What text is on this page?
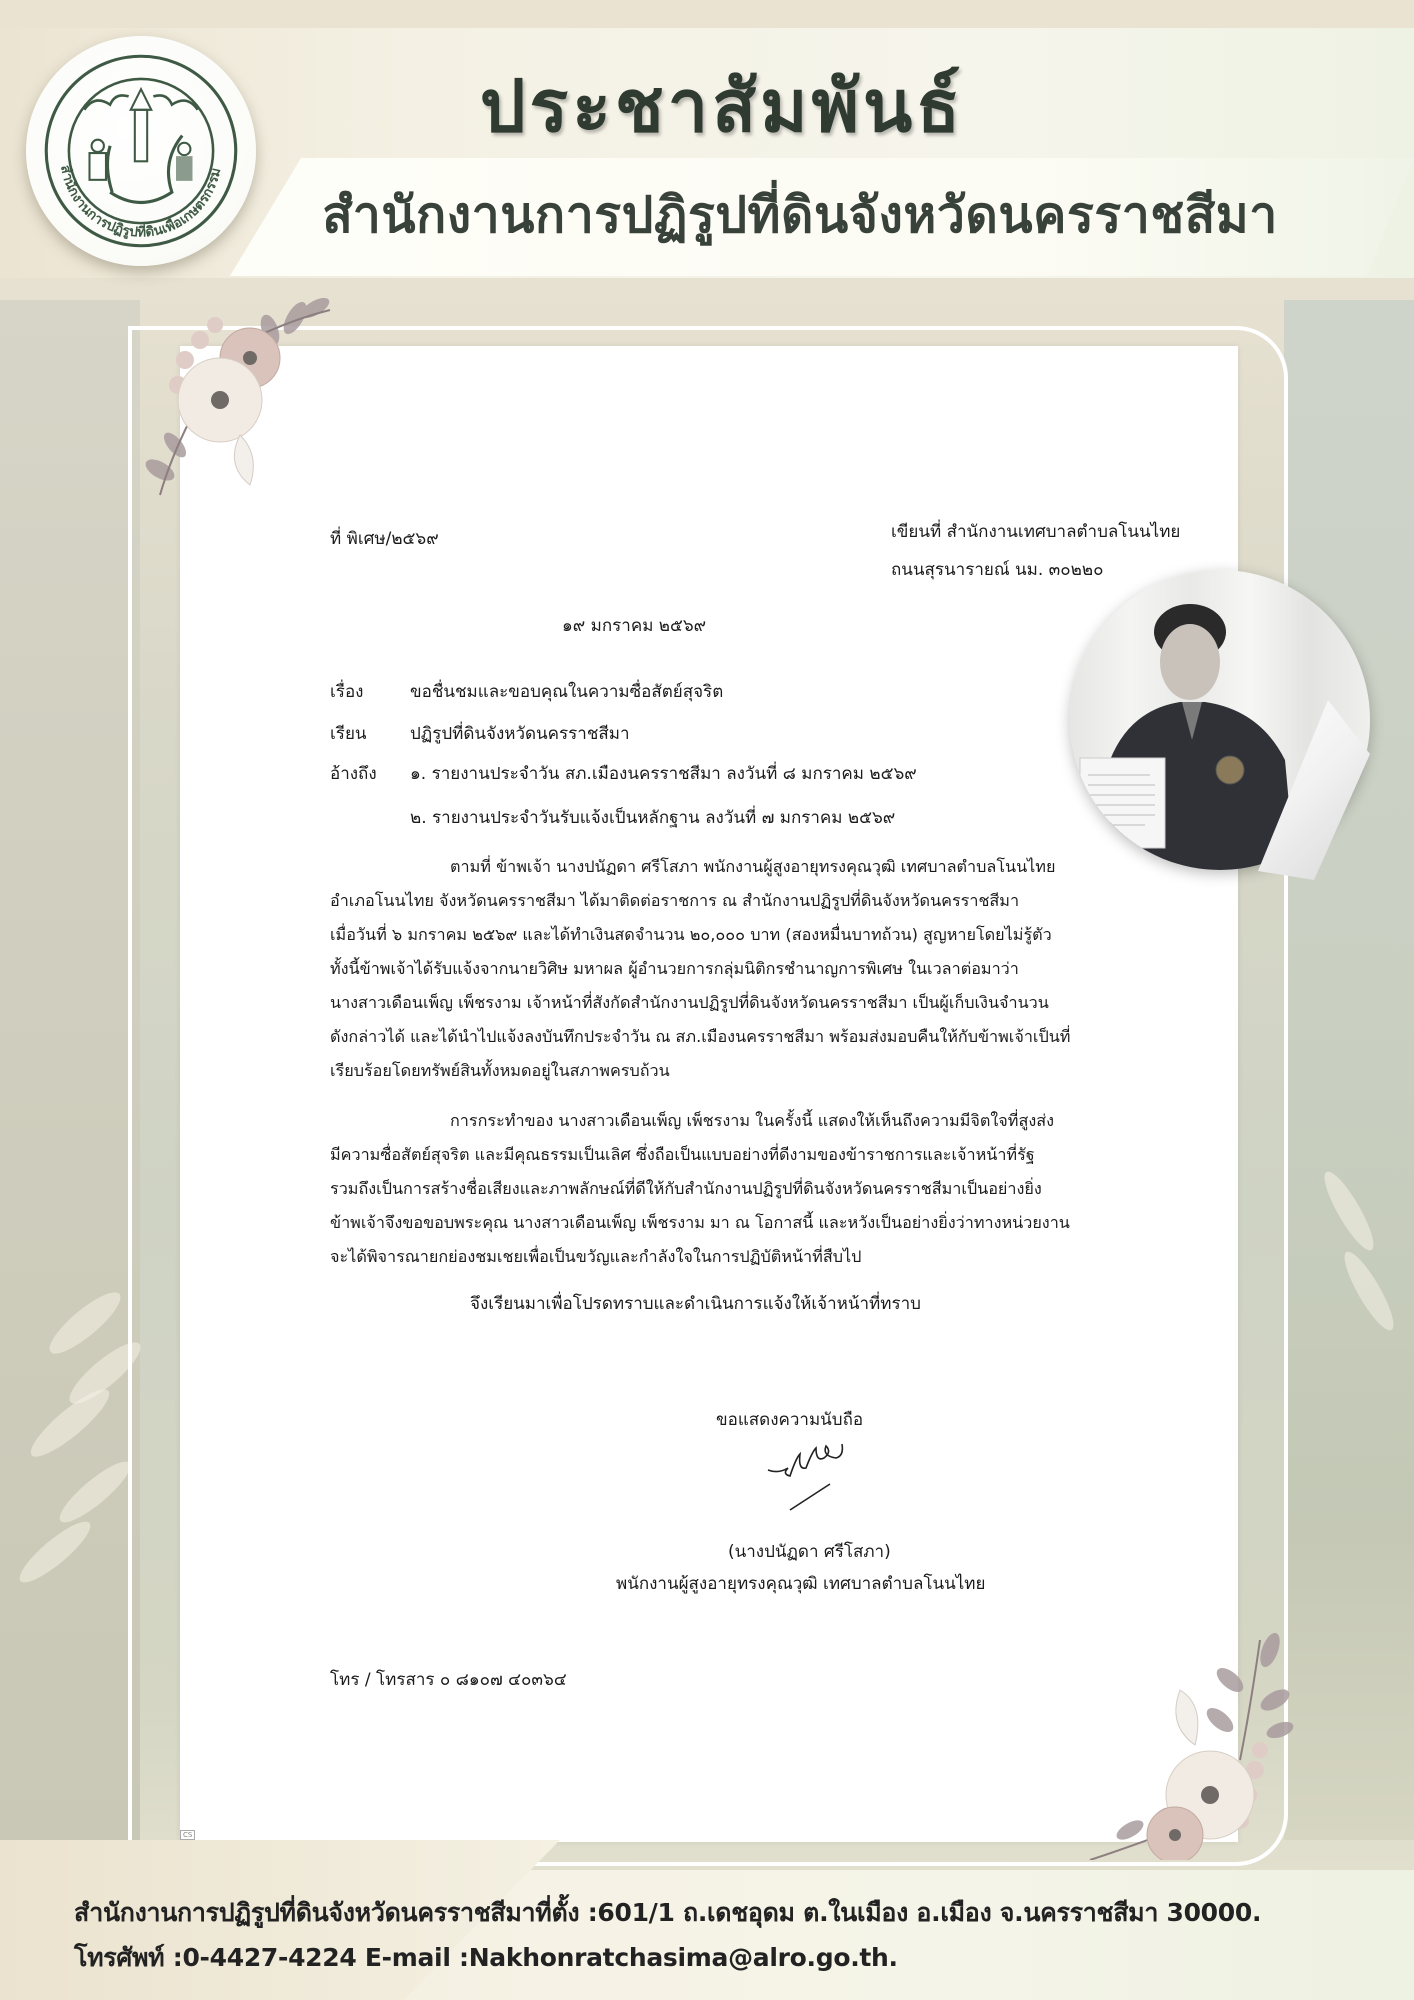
สำนักงานการปฏิรูปที่ดินเพื่อเกษตรกรรม
ประชาสัมพันธ์
สำนักงานการปฏิรูปที่ดินจังหวัดนครราชสีมา
ที่ พิเศษ/๒๕๖๙	เขียนที่ สำนักงานเทศบาลตำบลโนนไทย
ถนนสุรนารายณ์ นม. ๓๐๒๒๐
๑๙ มกราคม ๒๕๖๙
เรื่อง	ขอชื่นชมและขอบคุณในความซื่อสัตย์สุจริต
เรียน	ปฏิรูปที่ดินจังหวัดนครราชสีมา
อ้างถึง ๑. รายงานประจำวัน สภ.เมืองนครราชสีมา ลงวันที่ ๘ มกราคม ๒๕๖๙
๒. รายงานประจำวันรับแจ้งเป็นหลักฐาน ลงวันที่ ๗ มกราคม ๒๕๖๙
ตามที่ ข้าพเจ้า นางปนัฏดา ศรีโสภา พนักงานผู้สูงอายุทรงคุณวุฒิ เทศบาลตำบลโนนไทย
อำเภอโนนไทย จังหวัดนครราชสีมา ได้มาติดต่อราชการ ณ สำนักงานปฏิรูปที่ดินจังหวัดนครราชสีมา
เมื่อวันที่ ๖ มกราคม ๒๕๖๙ และได้ทำเงินสดจำนวน ๒๐,๐๐๐ บาท (สองหมื่นบาทถ้วน) สูญหายโดยไม่รู้ตัว
ทั้งนี้ข้าพเจ้าได้รับแจ้งจากนายวิศิษ มหาผล ผู้อำนวยการกลุ่มนิติกรชำนาญการพิเศษ ในเวลาต่อมาว่า
นางสาวเดือนเพ็ญ เพ็ชรงาม เจ้าหน้าที่สังกัดสำนักงานปฏิรูปที่ดินจังหวัดนครราชสีมา เป็นผู้เก็บเงินจำนวน
ดังกล่าวได้ และได้นำไปแจ้งลงบันทึกประจำวัน ณ สภ.เมืองนครราชสีมา พร้อมส่งมอบคืนให้กับข้าพเจ้าเป็นที่
เรียบร้อยโดยทรัพย์สินทั้งหมดอยู่ในสภาพครบถ้วน
การกระทำของ นางสาวเดือนเพ็ญ เพ็ชรงาม ในครั้งนี้ แสดงให้เห็นถึงความมีจิตใจที่สูงส่ง
มีความซื่อสัตย์สุจริต และมีคุณธรรมเป็นเลิศ ซึ่งถือเป็นแบบอย่างที่ดีงามของข้าราชการและเจ้าหน้าที่รัฐ
รวมถึงเป็นการสร้างชื่อเสียงและภาพลักษณ์ที่ดีให้กับสำนักงานปฏิรูปที่ดินจังหวัดนครราชสีมาเป็นอย่างยิ่ง
ข้าพเจ้าจึงขอขอบพระคุณ นางสาวเดือนเพ็ญ เพ็ชรงาม มา ณ โอกาสนี้ และหวังเป็นอย่างยิ่งว่าทางหน่วยงาน
จะได้พิจารณายกย่องชมเชยเพื่อเป็นขวัญและกำลังใจในการปฏิบัติหน้าที่สืบไป
จึงเรียนมาเพื่อโปรดทราบและดำเนินการแจ้งให้เจ้าหน้าที่ทราบ
ขอแสดงความนับถือ
(นางปนัฏดา ศรีโสภา)
พนักงานผู้สูงอายุทรงคุณวุฒิ เทศบาลตำบลโนนไทย
โทร / โทรสาร ๐ ๘๑๐๗ ๔๐๓๖๔
CS
สำนักงานการปฏิรูปที่ดินจังหวัดนครราชสีมาที่ตั้ง :601/1 ถ.เดชอุดม ต.ในเมือง อ.เมือง จ.นครราชสีมา 30000.
โทรศัพท์ :0-4427-4224 E-mail :Nakhonratchasima@alro.go.th.
